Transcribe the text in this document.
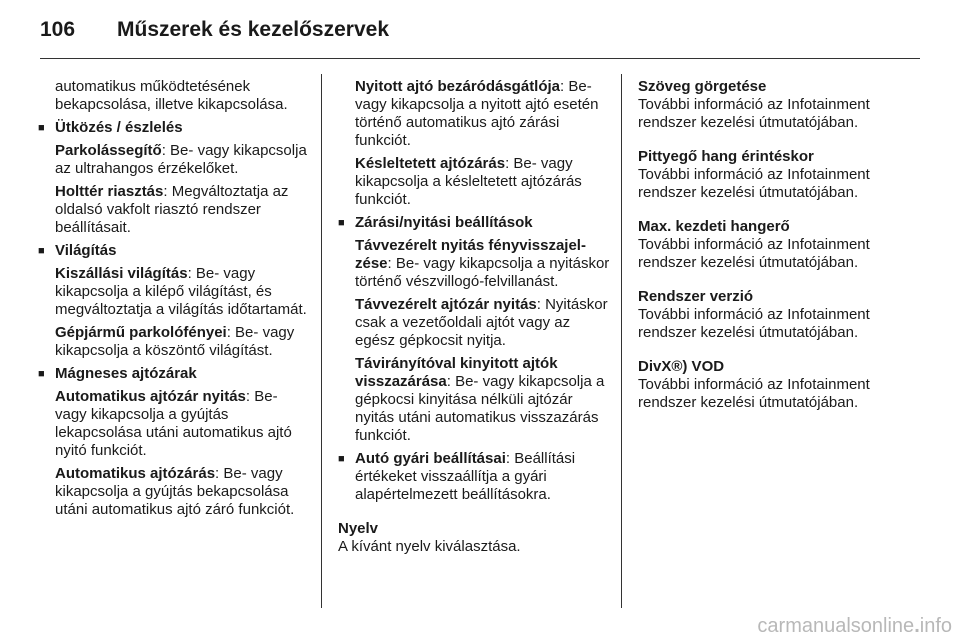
106 Műszerek és kezelőszervek
automatikus működtetésének bekapcsolása, illetve kikapcsolása.
■ Ütközés / észlelés
Parkolássegítő: Be- vagy kikapcsolja az ultrahangos érzékelőket.
Holttér riasztás: Megváltoztatja az oldalsó vakfolt riasztó rendszer beállításait.
■ Világítás
Kiszállási világítás: Be- vagy kikapcsolja a kilépő világítást, és megváltoztatja a világítás időtartamát.
Gépjármű parkolófényei: Be- vagy kikapcsolja a köszöntő világítást.
■ Mágneses ajtózárak
Automatikus ajtózár nyitás: Be- vagy kikapcsolja a gyújtás lekapcsolása utáni automatikus ajtó nyitó funkciót.
Automatikus ajtózárás: Be- vagy kikapcsolja a gyújtás bekapcsolása utáni automatikus ajtó záró funkciót.
Nyitott ajtó bezáródásgátlója: Be- vagy kikapcsolja a nyitott ajtó esetén történő automatikus ajtó zárási funkciót.
Késleltetett ajtózárás: Be- vagy kikapcsolja a késleltetett ajtózárás funkciót.
■ Zárási/nyitási beállítások
Távvezérelt nyitás fényvisszajel-zése: Be- vagy kikapcsolja a nyitáskor történő vészvillogó-felvillanást.
Távvezérelt ajtózár nyitás: Nyitáskor csak a vezetőoldali ajtót vagy az egész gépkocsit nyitja.
Távirányítóval kinyitott ajtók visszazárása: Be- vagy kikapcsolja a gépkocsi kinyitása nélküli ajtózár nyitás utáni automatikus visszazárás funkciót.
■ Autó gyári beállításai: Beállítási értékeket visszaállítja a gyári alapértelmezett beállításokra.
Nyelv
A kívánt nyelv kiválasztása.
Szöveg görgetése
További információ az Infotainment rendszer kezelési útmutatójában.
Pittyegő hang érintéskor
További információ az Infotainment rendszer kezelési útmutatójában.
Max. kezdeti hangerő
További információ az Infotainment rendszer kezelési útmutatójában.
Rendszer verzió
További információ az Infotainment rendszer kezelési útmutatójában.
DivX®) VOD
További információ az Infotainment rendszer kezelési útmutatójában.
carmanualsonline.info
